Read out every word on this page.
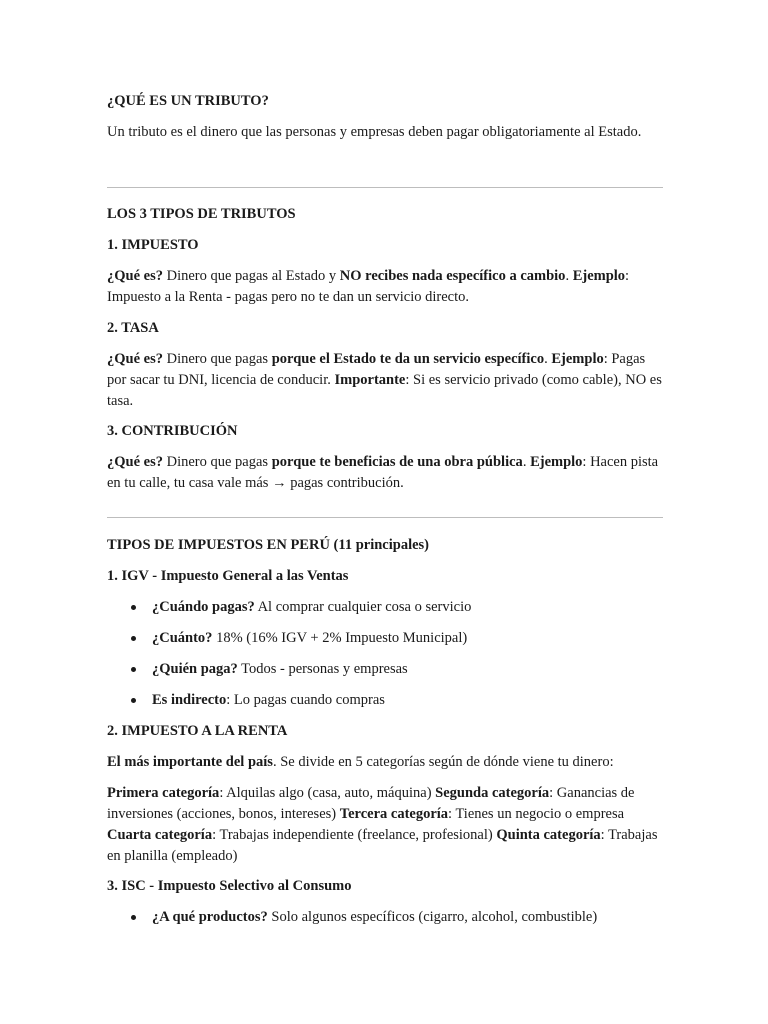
¿QUÉ ES UN TRIBUTO?

Un tributo es el dinero que las personas y empresas deben pagar obligatoriamente al Estado.

LOS 3 TIPOS DE TRIBUTOS
1. IMPUESTO

¿Qué es? Dinero que pagas al Estado y NO recibes nada específico a cambio. Ejemplo: Impuesto a la Renta - pagas pero no te dan un servicio directo.

2. TASA

¿Qué es? Dinero que pagas porque el Estado te da un servicio específico. Ejemplo: Pagas por sacar tu DNI, licencia de conducir. Importante: Si es servicio privado (como cable), NO es tasa.

3. CONTRIBUCIÓN

¿Qué es? Dinero que pagas porque te beneficias de una obra pública. Ejemplo: Hacen pista en tu calle, tu casa vale más → pagas contribución.

TIPOS DE IMPUESTOS EN PERÚ (11 principales)
1. IGV - Impuesto General a las Ventas
¿Cuándo pagas? Al comprar cualquier cosa o servicio
¿Cuánto? 18% (16% IGV + 2% Impuesto Municipal)
¿Quién paga? Todos - personas y empresas
Es indirecto: Lo pagas cuando compras
2. IMPUESTO A LA RENTA

El más importante del país. Se divide en 5 categorías según de dónde viene tu dinero:

Primera categoría: Alquilas algo (casa, auto, máquina) Segunda categoría: Ganancias de inversiones (acciones, bonos, intereses) Tercera categoría: Tienes un negocio o empresa Cuarta categoría: Trabajas independiente (freelance, profesional) Quinta categoría: Trabajas en planilla (empleado)

3. ISC - Impuesto Selectivo al Consumo
¿A qué productos? Solo algunos específicos (cigarro, alcohol, combustible)
